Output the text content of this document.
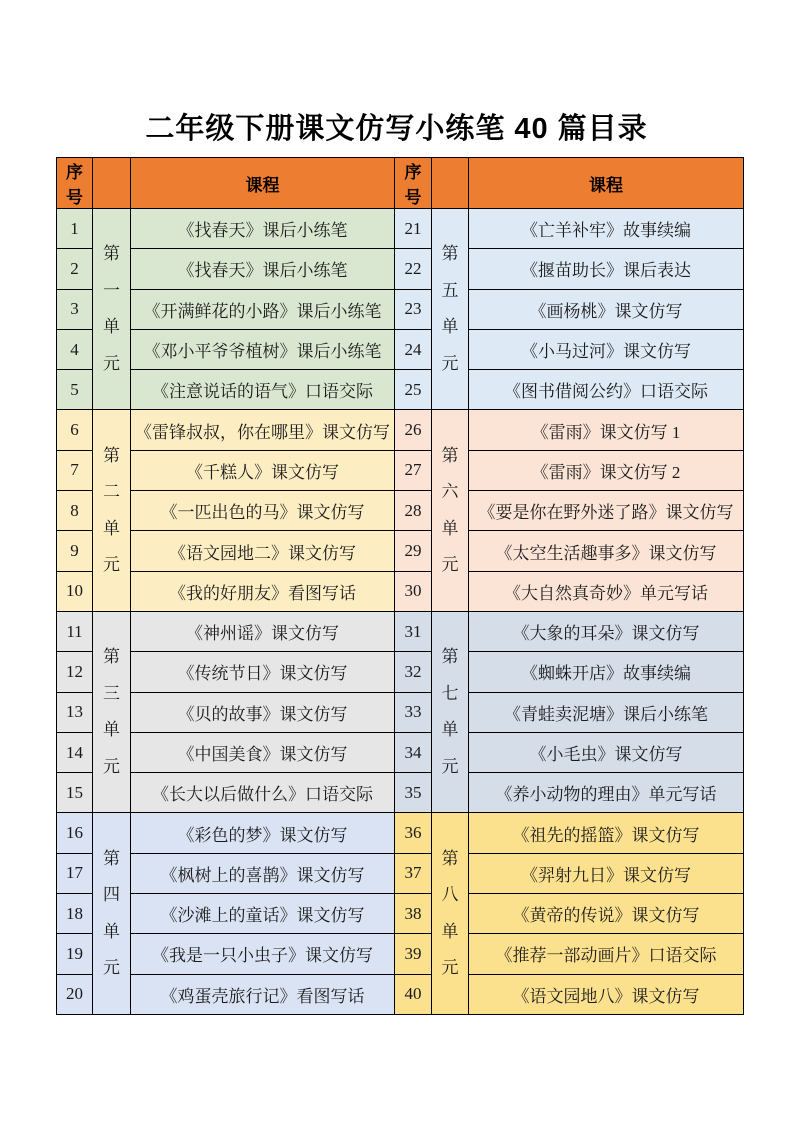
二年级下册课文仿写小练笔 40 篇目录
序号		课程	序号		课程
1	第一单元	《找春天》课后小练笔	21	第五单元	《亡羊补牢》故事续编
2		《找春天》课后小练笔	22		《揠苗助长》课后表达
3		《开满鲜花的小路》课后小练笔	23		《画杨桃》课文仿写
4		《邓小平爷爷植树》课后小练笔	24		《小马过河》课文仿写
5		《注意说话的语气》口语交际	25		《图书借阅公约》口语交际
6	第二单元	《雷锋叔叔，你在哪里》课文仿写	26	第六单元	《雷雨》课文仿写 1
7		《千糕人》课文仿写	27		《雷雨》课文仿写 2
8		《一匹出色的马》课文仿写	28		《要是你在野外迷了路》课文仿写
9		《语文园地二》课文仿写	29		《太空生活趣事多》课文仿写
10		《我的好朋友》看图写话	30		《大自然真奇妙》单元写话
11	第三单元	《神州谣》课文仿写	31	第七单元	《大象的耳朵》课文仿写
12		《传统节日》课文仿写	32		《蜘蛛开店》故事续编
13		《贝的故事》课文仿写	33		《青蛙卖泥塘》课后小练笔
14		《中国美食》课文仿写	34		《小毛虫》课文仿写
15		《长大以后做什么》口语交际	35		《养小动物的理由》单元写话
16	第四单元	《彩色的梦》课文仿写	36	第八单元	《祖先的摇篮》课文仿写
17		《枫树上的喜鹊》课文仿写	37		《羿射九日》课文仿写
18		《沙滩上的童话》课文仿写	38		《黄帝的传说》课文仿写
19		《我是一只小虫子》课文仿写	39		《推荐一部动画片》口语交际
20		《鸡蛋壳旅行记》看图写话	40		《语文园地八》课文仿写
